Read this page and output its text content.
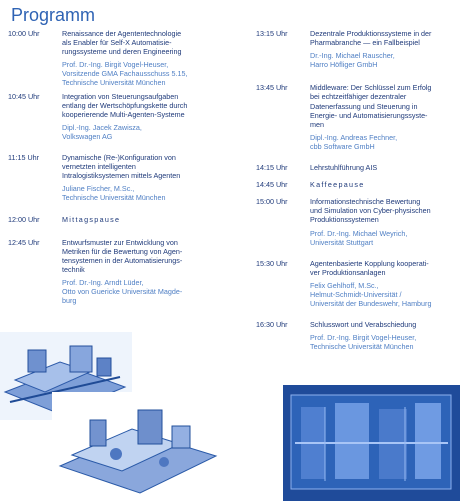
Programm
10:00 Uhr	Renaissance der Agententechnologie
als Enabler für Self-X Automatisie-
rungssysteme und deren Engineering
Prof. Dr.-Ing. Birgit Vogel-Heuser,
Vorsitzende GMA Fachausschuss 5.15,
Technische Universität München
10:45 Uhr	Integration von Steuerungsaufgaben
entlang der Wertschöpfungskette durch
kooperierende Multi-Agenten-Systeme
Dipl.-Ing. Jacek Zawisza,
Volkswagen AG
11:15 Uhr	Dynamische (Re-)Konfiguration von
vernetzten intelligenten
Intralogistiksystemen mittels Agenten
Juliane Fischer, M.Sc.,
Technische Universität München
12:00 Uhr	Mittagspause
12:45 Uhr	Entwurfsmuster zur Entwicklung von
Metriken für die Bewertung von Agen-
tensystemen in der Automatisierungs-
technik
Prof. Dr.-Ing. Arndt Lüder,
Otto von Guericke Universität Magde-
burg
13:15 Uhr	Dezentrale Produktionssysteme in der
Pharmabranche — ein Fallbeispiel
Dr.-Ing. Michael Rauscher,
Harro Höfliger GmbH
13:45 Uhr	Middleware: Der Schlüssel zum Erfolg
bei echtzeitfähiger dezentraler
Datenerfassung und Steuerung in
Energie- und Automatisierungssyste-
men
Dipl.-Ing. Andreas Fechner,
cbb Software GmbH
14:15 Uhr	Lehrstuhlführung AIS
14:45 Uhr	Kaffeepause
15:00 Uhr	Informationstechnische Bewertung
und Simulation von Cyber-physischen
Produktionssystemen
Prof. Dr.-Ing. Michael Weyrich,
Universität Stuttgart
15:30 Uhr	Agentenbasierte Kopplung kooperati-
ver Produktionsanlagen
Felix Gehlhoff, M.Sc.,
Helmut-Schmidt-Universität /
Universität der Bundeswehr, Hamburg
16:30 Uhr	Schlusswort und Verabschiedung
Prof. Dr.-Ing. Birgit Vogel-Heuser,
Technische Universität München
